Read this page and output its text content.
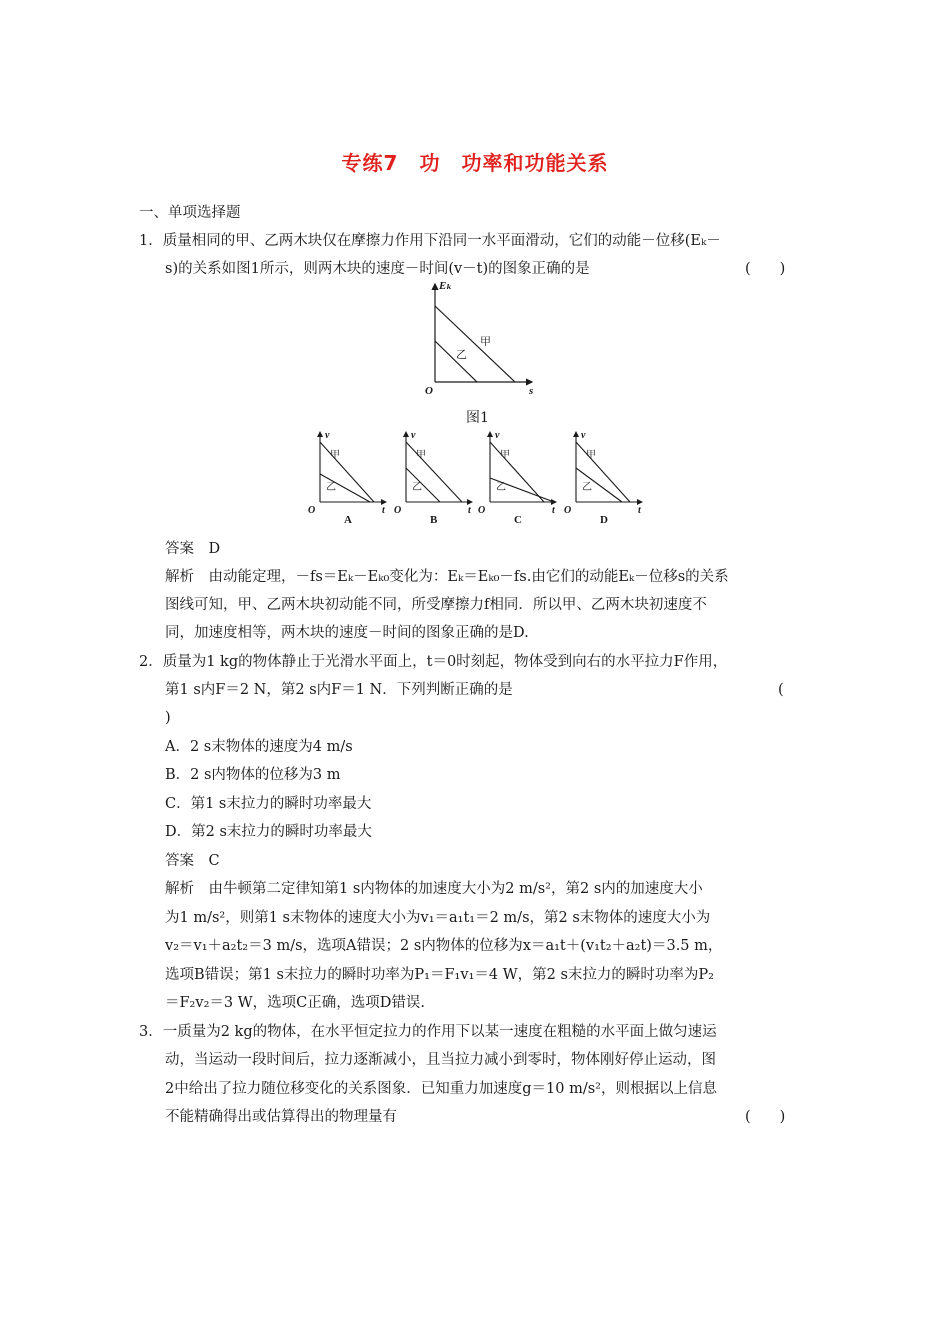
专练7　功　功率和功能关系
一、单项选择题
1．质量相同的甲、乙两木块仅在摩擦力作用下沿同一水平面滑动，它们的动能－位移(Eₖ－
s)的关系如图1所示，则两木块的速度－时间(v－t)的图象正确的是	(　　)
Eₖ
s
O
甲
乙
图1
v
t
O
甲
乙
A
v
t
O
甲
乙
B
v
t
O
甲
乙
C
v
t
O
甲
乙
D
答案　D
解析　由动能定理，－fs＝Eₖ－Eₖ₀变化为：Eₖ＝Eₖ₀－fs.由它们的动能Eₖ－位移s的关系
图线可知，甲、乙两木块初动能不同，所受摩擦力f相同．所以甲、乙两木块初速度不
同，加速度相等，两木块的速度－时间的图象正确的是D.
2．质量为1 kg的物体静止于光滑水平面上，t＝0时刻起，物体受到向右的水平拉力F作用，
第1 s内F＝2 N，第2 s内F＝1 N．下列判断正确的是	(
)
A．2 s末物体的速度为4 m/s
B．2 s内物体的位移为3 m
C．第1 s末拉力的瞬时功率最大
D．第2 s末拉力的瞬时功率最大
答案　C
解析　由牛顿第二定律知第1 s内物体的加速度大小为2 m/s²，第2 s内的加速度大小
为1 m/s²，则第1 s末物体的速度大小为v₁＝a₁t₁＝2 m/s，第2 s末物体的速度大小为
v₂＝v₁＋a₂t₂＝3 m/s，选项A错误；2 s内物体的位移为x＝a₁t＋(v₁t₂＋a₂t)＝3.5 m，
选项B错误；第1 s末拉力的瞬时功率为P₁＝F₁v₁＝4 W，第2 s末拉力的瞬时功率为P₂
＝F₂v₂＝3 W，选项C正确，选项D错误.
3．一质量为2 kg的物体，在水平恒定拉力的作用下以某一速度在粗糙的水平面上做匀速运
动，当运动一段时间后，拉力逐渐减小，且当拉力减小到零时，物体刚好停止运动，图
2中给出了拉力随位移变化的关系图象．已知重力加速度g＝10 m/s²，则根据以上信息
不能精确得出或估算得出的物理量有	(　　)
